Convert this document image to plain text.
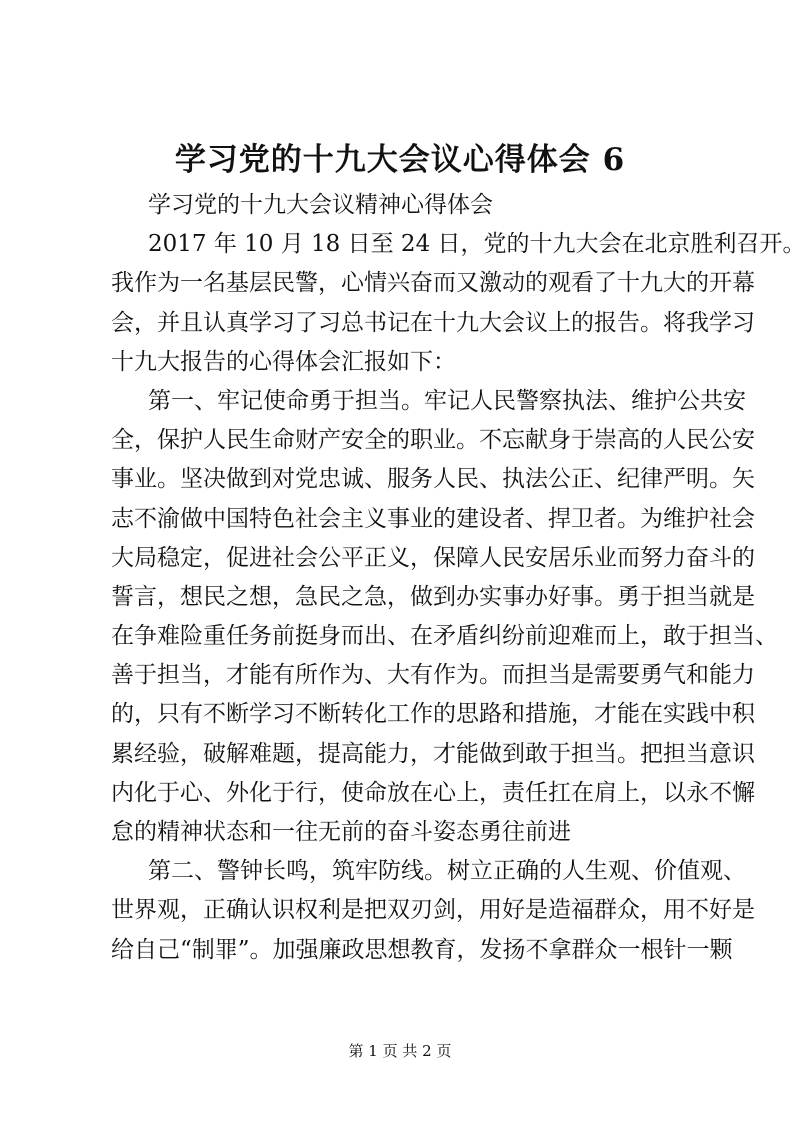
学习党的十九大会议心得体会 6
学习党的十九大会议精神心得体会
2017 年 10 月 18 日至 24 日，党的十九大会在北京胜利召开。
我作为一名基层民警，心情兴奋而又激动的观看了十九大的开幕
会，并且认真学习了习总书记在十九大会议上的报告。将我学习
十九大报告的心得体会汇报如下：
第一、牢记使命勇于担当。牢记人民警察执法、维护公共安
全，保护人民生命财产安全的职业。不忘献身于崇高的人民公安
事业。坚决做到对党忠诚、服务人民、执法公正、纪律严明。矢
志不渝做中国特色社会主义事业的建设者、捍卫者。为维护社会
大局稳定，促进社会公平正义，保障人民安居乐业而努力奋斗的
誓言，想民之想，急民之急，做到办实事办好事。勇于担当就是
在争难险重任务前挺身而出、在矛盾纠纷前迎难而上，敢于担当、
善于担当，才能有所作为、大有作为。而担当是需要勇气和能力
的，只有不断学习不断转化工作的思路和措施，才能在实践中积
累经验，破解难题，提高能力，才能做到敢于担当。把担当意识
内化于心、外化于行，使命放在心上，责任扛在肩上，以永不懈
怠的精神状态和一往无前的奋斗姿态勇往前进
第二、警钟长鸣，筑牢防线。树立正确的人生观、价值观、
世界观，正确认识权利是把双刃剑，用好是造福群众，用不好是
给自己“制罪”。加强廉政思想教育，发扬不拿群众一根针一颗
第 1 页 共 2 页
